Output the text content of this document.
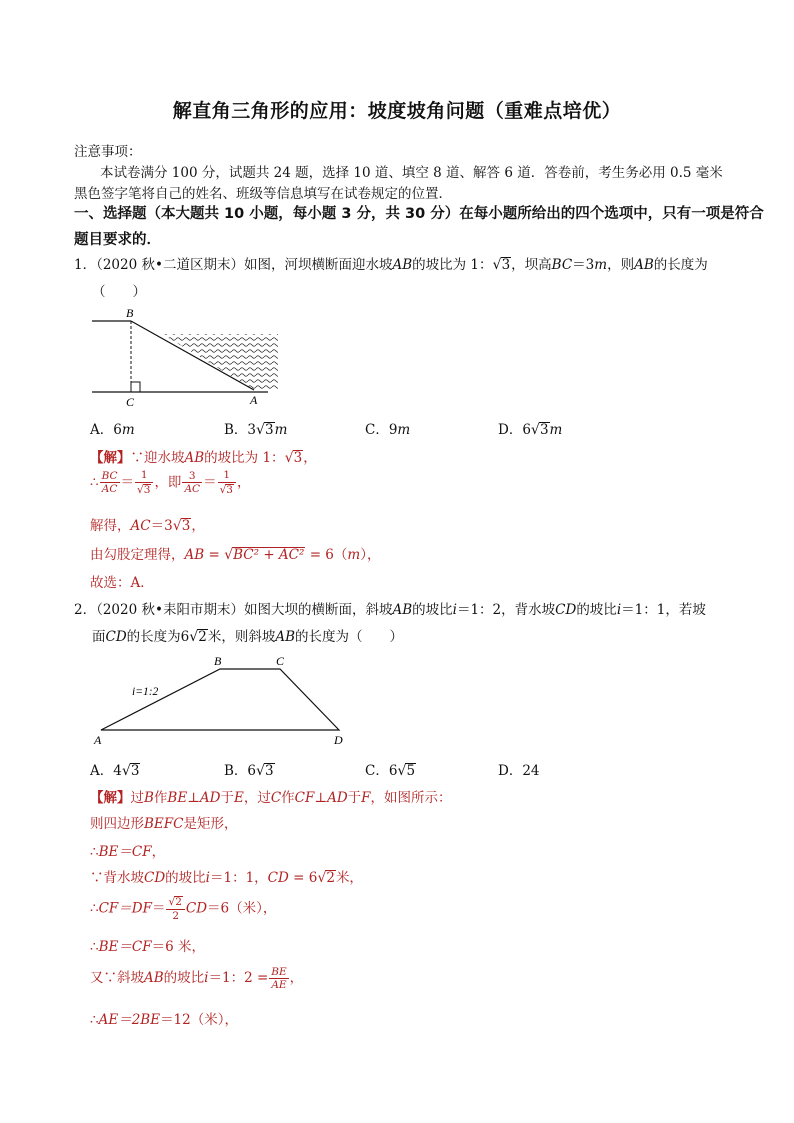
解直角三角形的应用：坡度坡角问题（重难点培优）
注意事项：
本试卷满分 100 分，试题共 24 题，选择 10 道、填空 8 道、解答 6 道．答卷前，考生务必用 0.5 毫米
黑色签字笔将自己的姓名、班级等信息填写在试卷规定的位置．
一、选择题（本大题共 10 小题，每小题 3 分，共 30 分）在每小题所给出的四个选项中，只有一项是符合
题目要求的．
1．（2020 秋•二道区期末）如图，河坝横断面迎水坡AB的坡比为 1：√3，坝高BC＝3m，则AB的长度为
（　　）
B
C	A
A．6m	B．3√3m	C．9m	D．6√3m
【解】∵迎水坡AB的坡比为 1：√3，
∴ $\frac{BC}{AC} = \frac{1}{√3}$ ，即 $\frac{3}{AC} = \frac{1}{√3}$ ，
解得，AC＝3√3，
由勾股定理得，AB = √BC² + AC² = 6（m），
故选：A．
2．（2020 秋•耒阳市期末）如图大坝的横断面，斜坡AB的坡比i＝1：2，背水坡CD的坡比i＝1：1，若坡
面CD的长度为6√2米，则斜坡AB的长度为（　　）
B	C
A	D
i=1:2
A．4√3	B．6√3	C．6√5	D．24
【解】过B作BE⊥AD于E，过C作CF⊥AD于F，如图所示：
则四边形BEFC是矩形，
∴BE＝CF，
∵背水坡CD的坡比i＝1：1，CD = 6√2米，
∴CF＝DF＝ $\frac{√2}{2} CD=6$（米），
∴BE＝CF＝6 米，
又∵斜坡AB的坡比i＝1：$2 = \frac{BE}{AE}$ ，
∴AE＝2BE＝12（米），
